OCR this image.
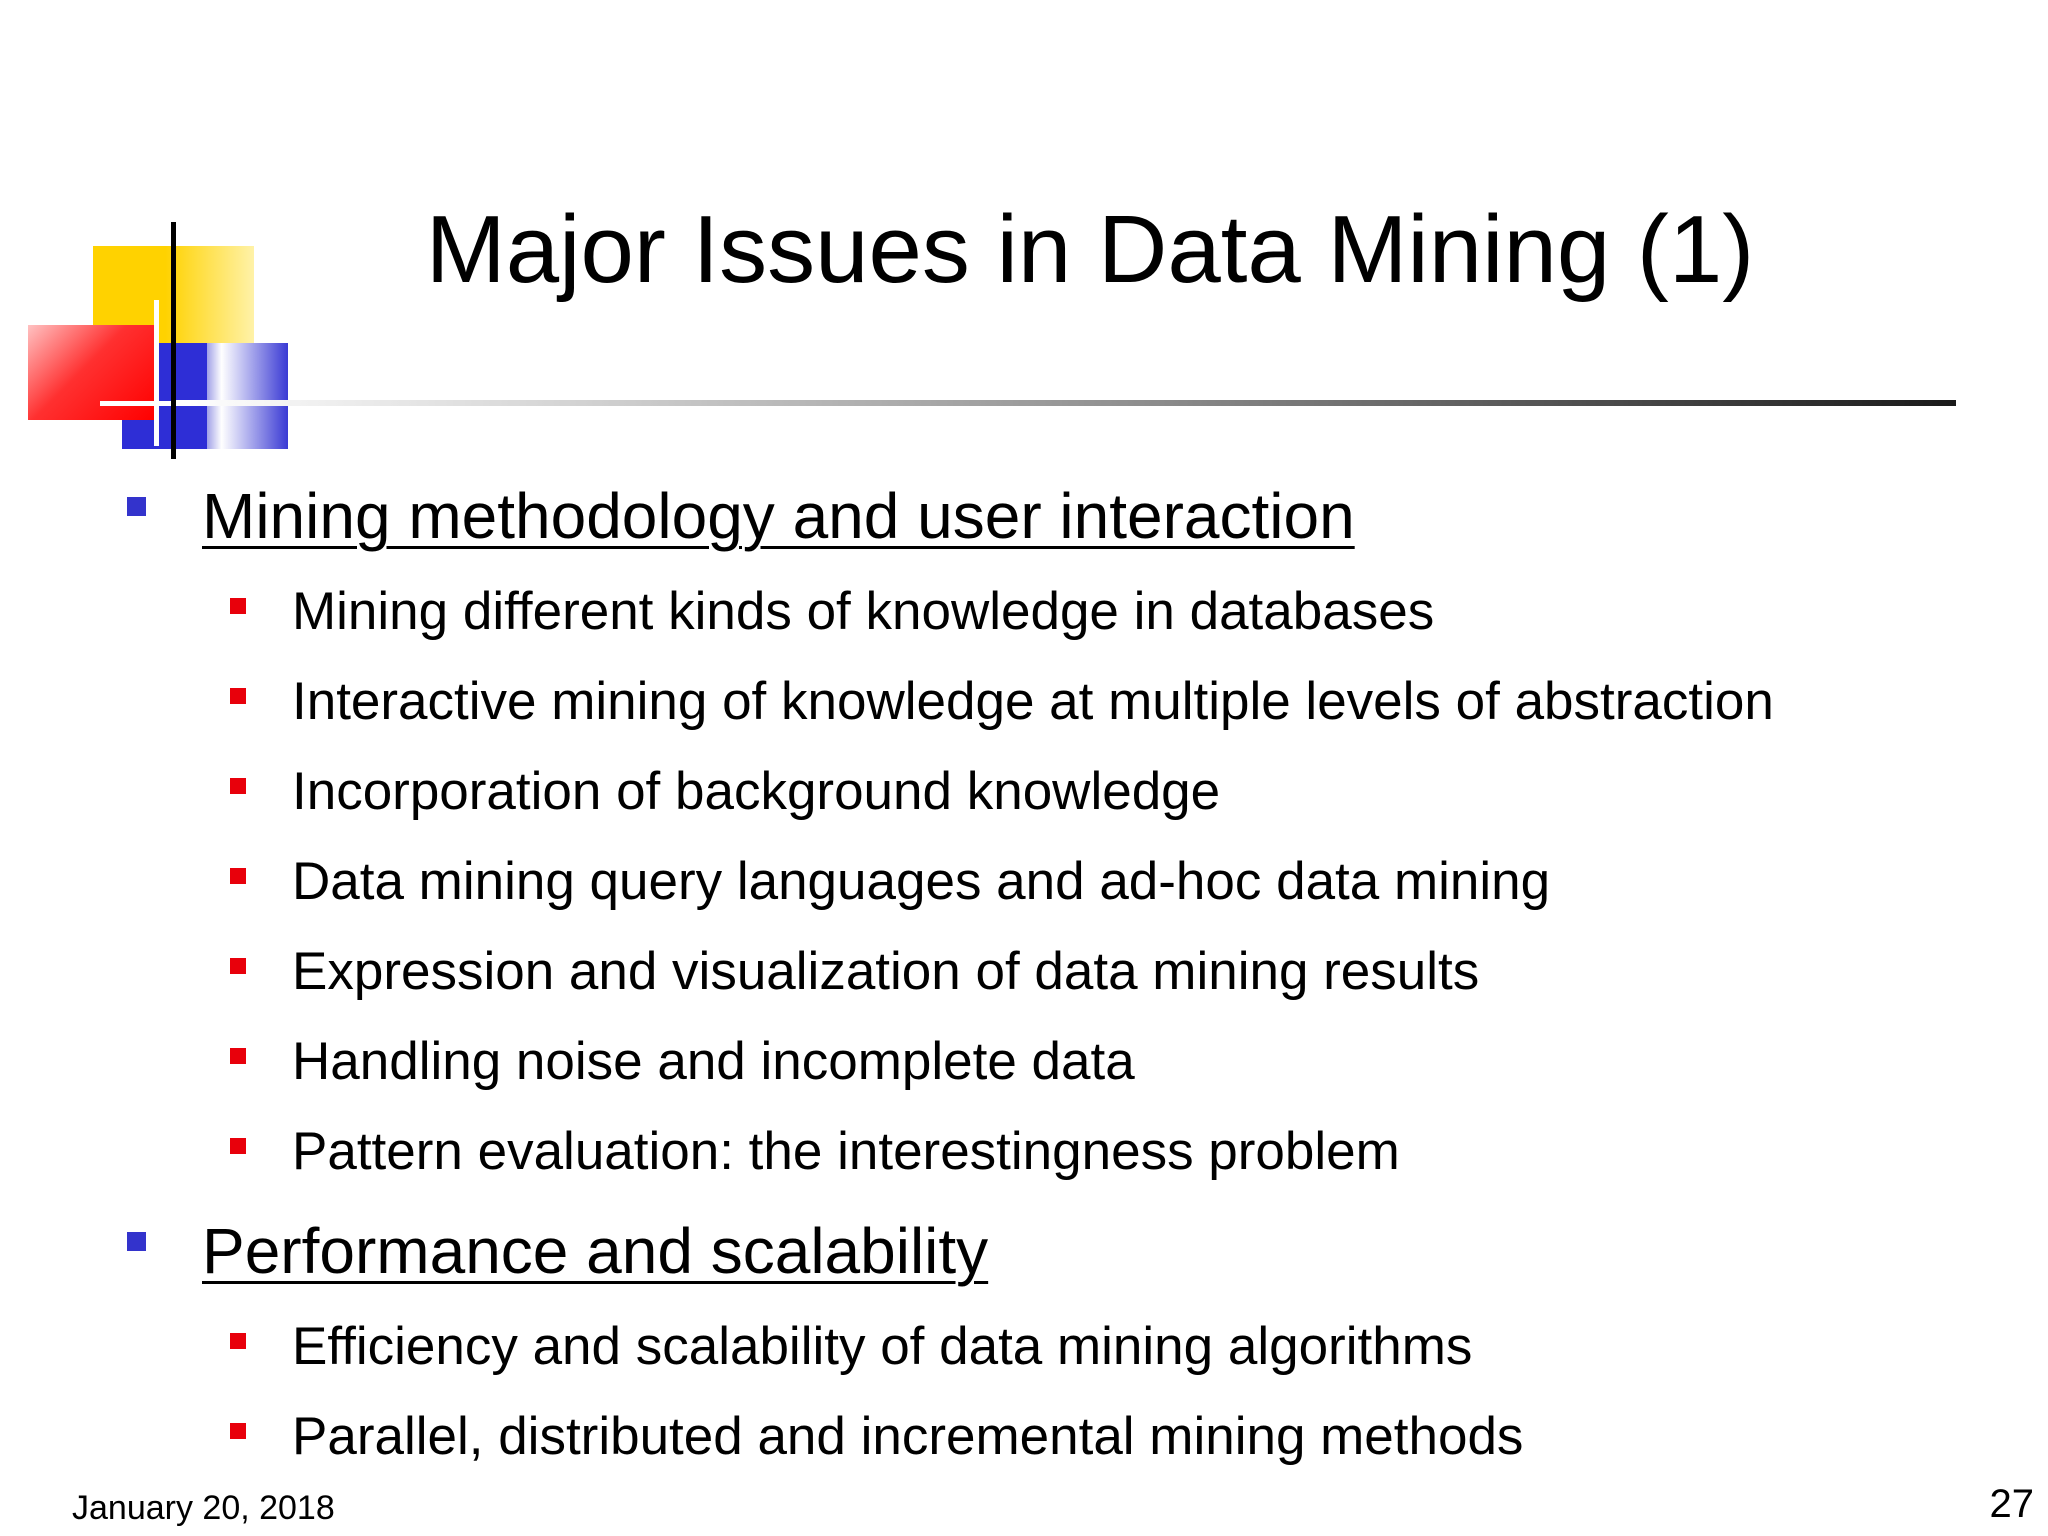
Major Issues in Data Mining (1)
Mining methodology and user interaction
Mining different kinds of knowledge in databases
Interactive mining of knowledge at multiple levels of abstraction
Incorporation of background knowledge
Data mining query languages and ad-hoc data mining
Expression and visualization of data mining results
Handling noise and incomplete data
Pattern evaluation: the interestingness problem
Performance and scalability
Efficiency and scalability of data mining algorithms
Parallel, distributed and incremental mining methods
January 20, 2018	27
